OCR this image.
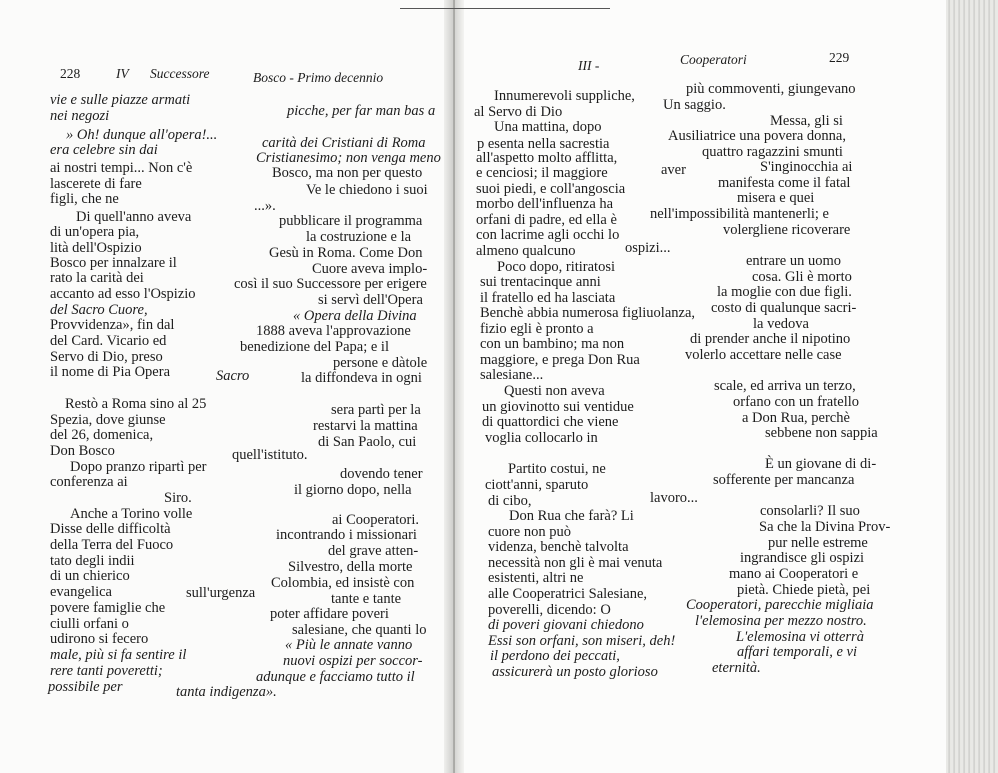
228	IV Successore	Bosco - Primo decennio
vie e sulle piazze armati
nei negozi	picche, per far man bas a
» Oh! dunque all'opera!...
era celebre sin dai	carità dei Cristiani di Roma
Cristianesimo; non venga meno
ai nostri tempi... Non c'è
lascerete di fare
Bosco, ma non per questo
Ve le chiedono i suoi
figli, che ne	...».
Di quell'anno aveva	pubblicare il programma
di un'opera pia,	la costruzione e la
lità dell'Ospizio	Gesù in Roma. Come Don
Bosco per innalzare il	Cuore aveva implo-
rato la carità dei	così il suo Successore per erigere
accanto ad esso l'Ospizio	si servì dell'Opera
del Sacro Cuore,	« Opera della Divina
Provvidenza», fin dal	1888 aveva l'approvazione
del Card. Vicario ed	benedizione del Papa; e il
Servo di Dio, preso	persone e dàtole
il nome di Pia Opera	Sacro	la diffondeva in ogni
Restò a Roma sino al 25
Spezia, dove giunse
sera partì per la
restarvi la mattina
del 26, domenica,	di San Paolo, cui
Don Bosco	quell'istituto.
Dopo pranzo ripartì per	dovendo tener
conferenza ai	il giorno dopo, nella
Siro.
Anche a Torino volle	ai Cooperatori.
Disse delle difficoltà	incontrando i missionari
della Terra del Fuoco	del grave atten-
tato degli indii	Silvestro, della morte
di un chierico	Colombia, ed insistè con
evangelica	sull'urgenza	tante e tante
povere famiglie che	poter affidare poveri
ciulli orfani o	salesiane, che quanti lo
udirono si fecero	« Più le annate vanno
male, più si fa sentire il	nuovi ospizi per soccor-
rere tanti poveretti;	adunque e facciamo tutto il
possibile per	tanta indigenza».
III -	Cooperatori	229
Innumerevoli suppliche,	più commoventi, giungevano
al Servo di Dio	Un saggio.
Una mattina, dopo	Messa, gli si
Ausiliatrice una povera donna,
p esenta nella sacrestia
all'aspetto molto afflitta,	quattro ragazzini smunti
e cenciosi; il maggiore	aver	S'inginocchia ai
suoi piedi, e coll'angoscia	manifesta come il fatal
morbo dell'influenza ha	misera e quei
orfani di padre, ed ella è nell'impossibilità mantenerli; e
con lacrime agli occhi lo	volergliene ricoverare
almeno qualcuno	ospizi...
Poco dopo, ritiratosi	entrare un uomo
sui trentacinque anni	cosa. Gli è morto
il fratello ed ha lasciata	la moglie con due figli.
Benchè abbia numerosa figliuolanza, costo di qualunque sacri-
fizio egli è pronto a	la vedova
con un bambino; ma non	di prender anche il nipotino
maggiore, e prega Don Rua	volerlo accettare nelle case
salesiane...
Questi non aveva	scale, ed arriva un terzo,
un giovinotto sui ventidue	orfano con un fratello
di quattordici che viene	a Don Rua, perchè
voglia collocarlo in	sebbene non sappia
Partito costui, ne	È un giovane di di-
ciott'anni, sparuto	sofferente per mancanza
di cibo,	lavoro...
Don Rua che farà? Li	consolarli? Il suo
cuore non può	Sa che la Divina Prov-
videnza, benchè talvolta	pur nelle estreme
necessità non gli è mai venuta	ingrandisce gli ospizi
esistenti, altri ne	mano ai Cooperatori e
alle Cooperatrici Salesiane,	pietà. Chiede pietà, pei
poverelli, dicendo: O	Cooperatori, parecchie migliaia
di poveri giovani chiedono	l'elemosina per mezzo nostro.
Essi son orfani, son miseri, deh!	L'elemosina vi otterrà
il perdono dei peccati,	affari temporali, e vi
assicurerà un posto glorioso	eternità.
